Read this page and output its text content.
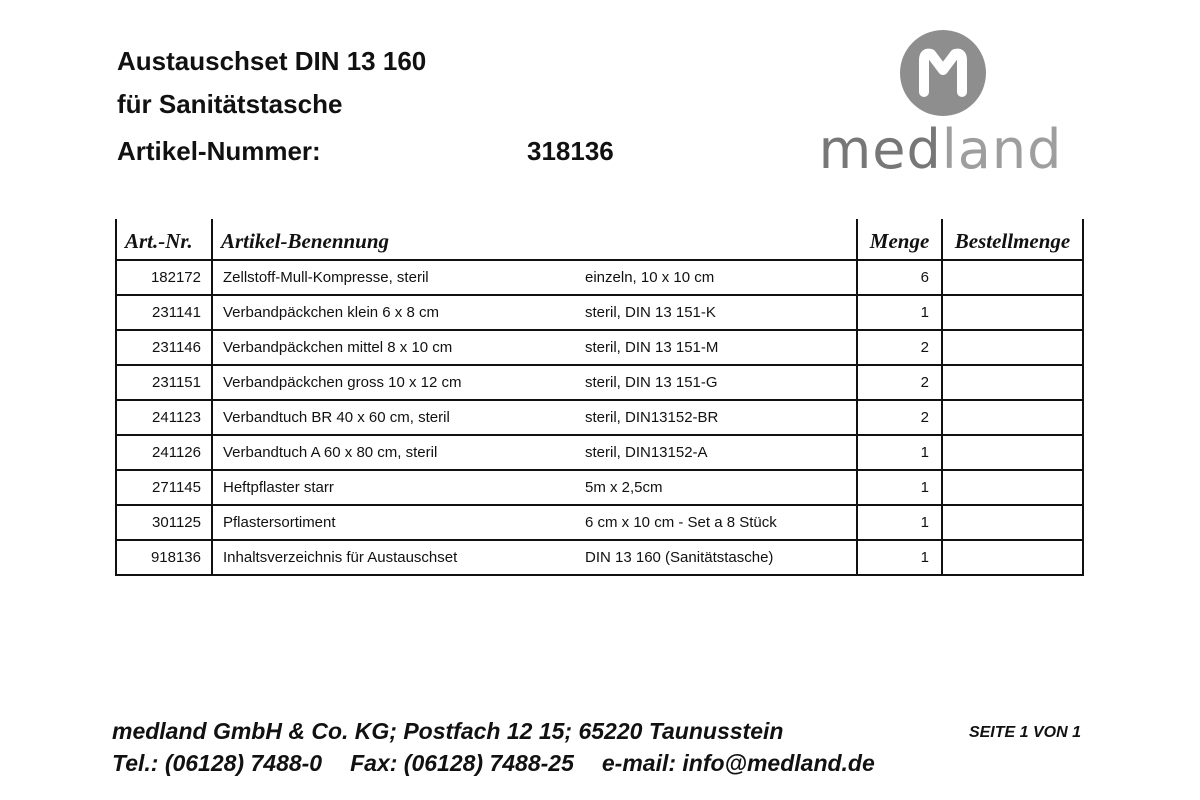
Austauschset DIN 13 160
für Sanitätstasche
Artikel-Nummer:	318136	med land
Art.-Nr.	Artikel-Benennung		Menge	Bestellmenge
182172	Zellstoff-Mull-Kompresse, steril	einzeln, 10 x 10 cm	6	
231141	Verbandpäckchen klein 6 x 8 cm	steril, DIN 13 151-K	1	
231146	Verbandpäckchen mittel 8 x 10 cm	steril, DIN 13 151-M	2	
231151	Verbandpäckchen gross 10 x 12 cm	steril, DIN 13 151-G	2	
241123	Verbandtuch BR 40 x 60 cm, steril	steril, DIN13152-BR	2	
241126	Verbandtuch A 60 x 80 cm, steril	steril, DIN13152-A	1	
271145	Heftpflaster starr	5m x 2,5cm	1	
301125	Pflastersortiment	6 cm x 10 cm - Set a 8 Stück	1	
918136	Inhaltsverzeichnis für Austauschset	DIN 13 160 (Sanitätstasche)	1	
medland GmbH & Co. KG; Postfach 12 15; 65220 Taunusstein
Tel.: (06128) 7488-0 Fax: (06128) 7488-25 e-mail: info@medland.de
SEITE 1 VON 1
